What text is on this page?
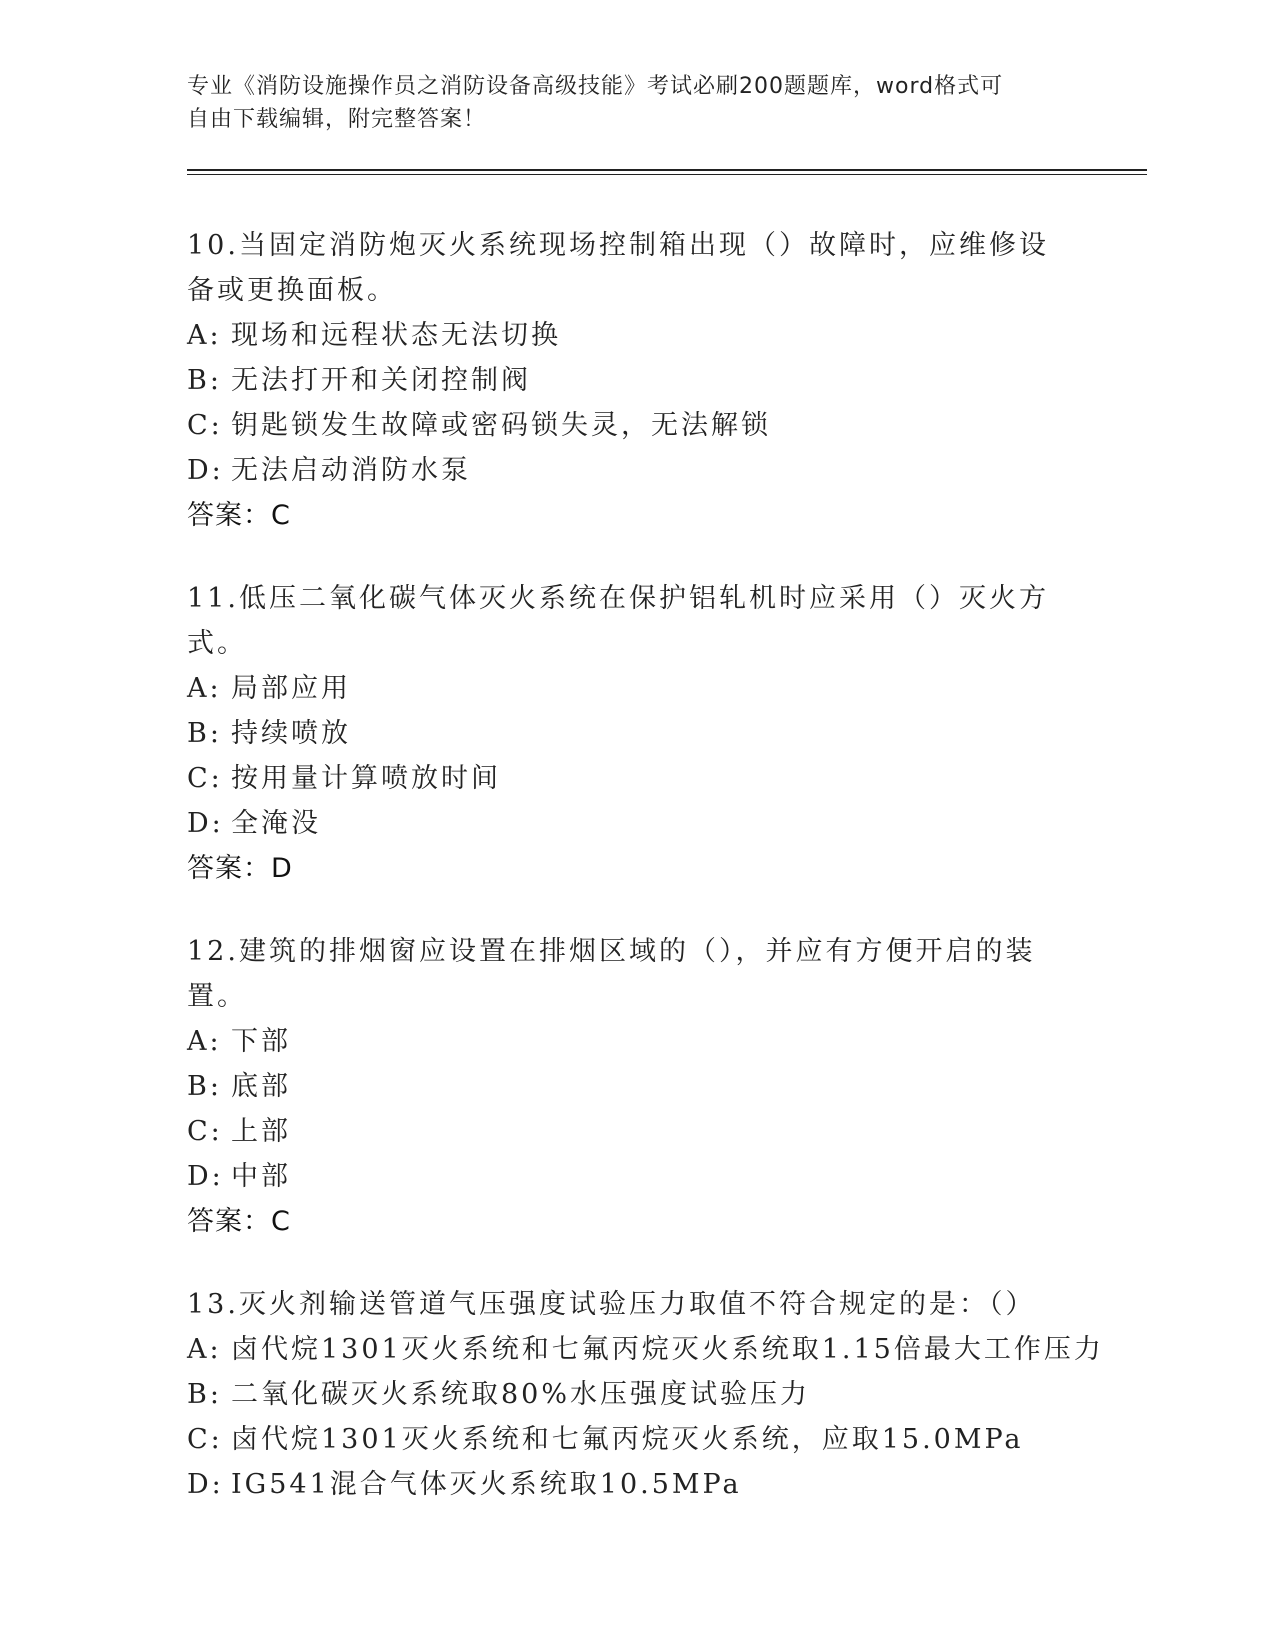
专业《消防设施操作员之消防设备高级技能》考试必刷200题题库，word格式可

自由下载编辑，附完整答案！

10.当固定消防炮灭火系统现场控制箱出现（）故障时，应维修设备或更换面板。

A: 现场和远程状态无法切换
B: 无法打开和关闭控制阀
C: 钥匙锁发生故障或密码锁失灵，无法解锁
D: 无法启动消防水泵

答案：C

11.低压二氧化碳气体灭火系统在保护铝轧机时应采用（）灭火方式。

A: 局部应用
B: 持续喷放
C: 按用量计算喷放时间
D: 全淹没

答案：D

12.建筑的排烟窗应设置在排烟区域的（），并应有方便开启的装置。

A: 下部
B: 底部
C: 上部
D: 中部

答案：C

13.灭火剂输送管道气压强度试验压力取值不符合规定的是：（）

A: 卤代烷1301灭火系统和七氟丙烷灭火系统取1.15倍最大工作压力
B: 二氧化碳灭火系统取80%水压强度试验压力
C: 卤代烷1301灭火系统和七氟丙烷灭火系统，应取15.0MPa
D: IG541混合气体灭火系统取10.5MPa
